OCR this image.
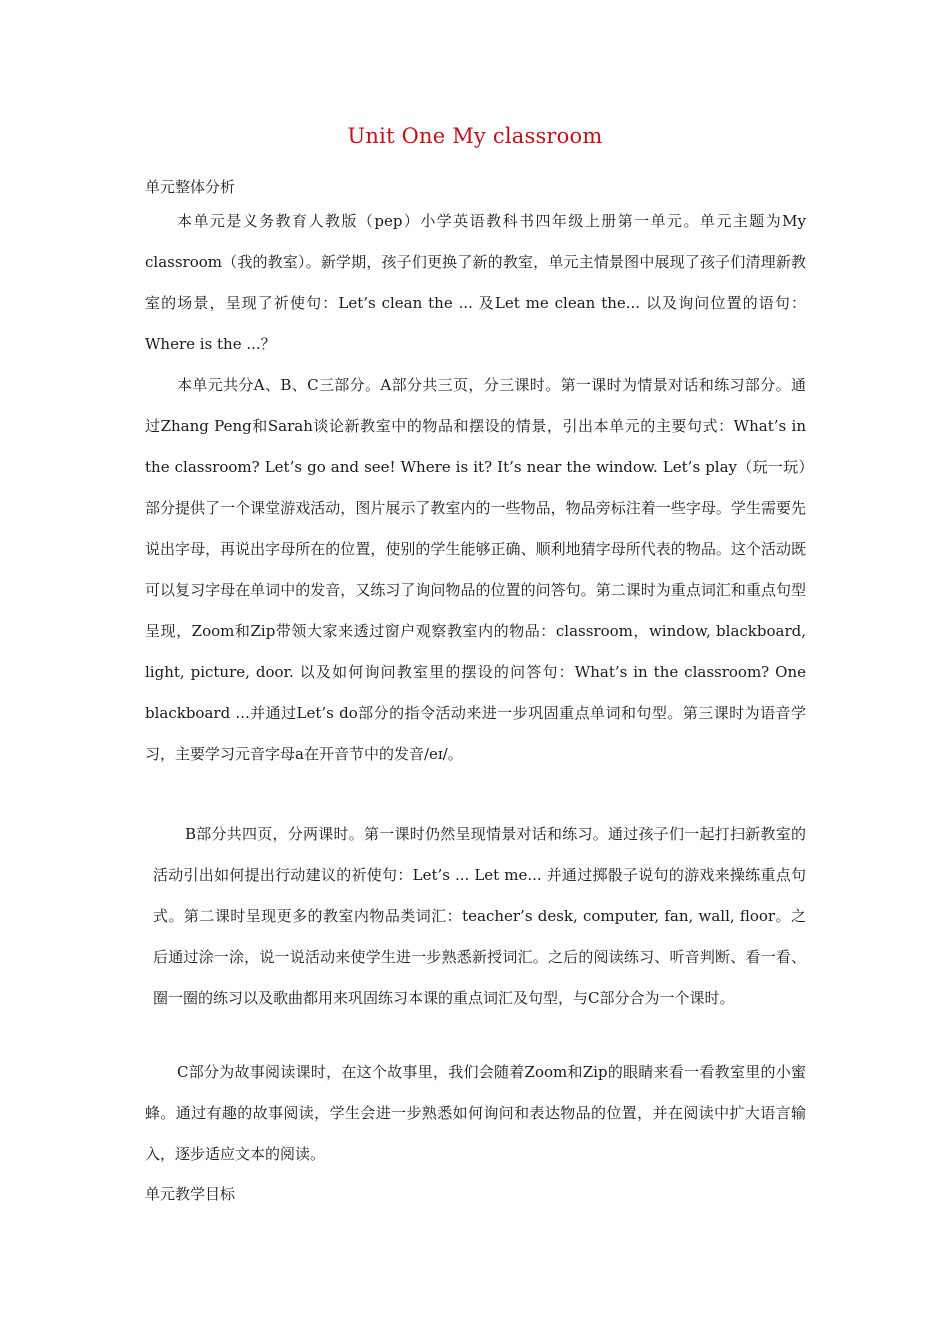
Unit One My classroom

单元整体分析

本单元是义务教育人教版（pep）小学英语教科书四年级上册第一单元。单元主题为My classroom（我的教室）。新学期，孩子们更换了新的教室，单元主情景图中展现了孩子们清理新教室的场景，呈现了祈使句：Let’s clean the ... 及Let me clean the... 以及询问位置的语句：Where is the ...？

本单元共分A、B、C三部分。A部分共三页，分三课时。第一课时为情景对话和练习部分。通过Zhang Peng和Sarah谈论新教室中的物品和摆设的情景，引出本单元的主要句式：What’s in the classroom? Let’s go and see! Where is it? It’s near the window. Let’s play（玩一玩）部分提供了一个课堂游戏活动，图片展示了教室内的一些物品，物品旁标注着一些字母。学生需要先说出字母，再说出字母所在的位置，使别的学生能够正确、顺利地猜字母所代表的物品。这个活动既可以复习字母在单词中的发音，又练习了询问物品的位置的问答句。第二课时为重点词汇和重点句型呈现，Zoom和Zip带领大家来透过窗户观察教室内的物品：classroom，window, blackboard, light, picture, door. 以及如何询问教室里的摆设的问答句：What’s in the classroom? One blackboard ...并通过Let’s do部分的指令活动来进一步巩固重点单词和句型。第三课时为语音学习，主要学习元音字母a在开音节中的发音/eɪ/。

B部分共四页，分两课时。第一课时仍然呈现情景对话和练习。通过孩子们一起打扫新教室的活动引出如何提出行动建议的祈使句：Let’s ... Let me... 并通过掷骰子说句的游戏来操练重点句式。第二课时呈现更多的教室内物品类词汇：teacher’s desk, computer, fan, wall, floor。之后通过涂一涂，说一说活动来使学生进一步熟悉新授词汇。之后的阅读练习、听音判断、看一看、圈一圈的练习以及歌曲都用来巩固练习本课的重点词汇及句型，与C部分合为一个课时。

C部分为故事阅读课时，在这个故事里，我们会随着Zoom和Zip的眼睛来看一看教室里的小蜜蜂。通过有趣的故事阅读，学生会进一步熟悉如何询问和表达物品的位置，并在阅读中扩大语言输入，逐步适应文本的阅读。

单元教学目标
